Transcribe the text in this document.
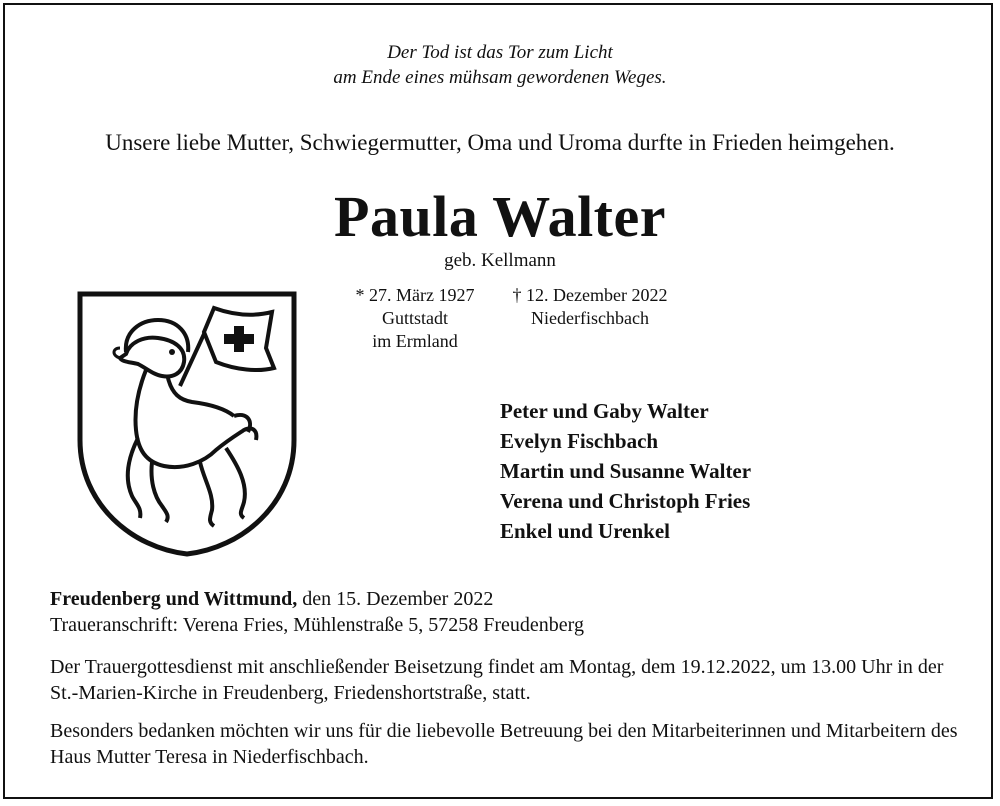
Der Tod ist das Tor zum Licht
am Ende eines mühsam gewordenen Weges.
Unsere liebe Mutter, Schwiegermutter, Oma und Uroma durfte in Frieden heimgehen.
Paula Walter
geb. Kellmann
* 27. März 1927
Guttstadt
im Ermland
† 12. Dezember 2022
Niederfischbach
Peter und Gaby Walter
Evelyn Fischbach
Martin und Susanne Walter
Verena und Christoph Fries
Enkel und Urenkel
Freudenberg und Wittmund, den 15. Dezember 2022
Traueranschrift: Verena Fries, Mühlenstraße 5, 57258 Freudenberg
Der Trauergottesdienst mit anschließender Beisetzung findet am Montag, dem 19.12.2022, um 13.00 Uhr in der St.-Marien-Kirche in Freudenberg, Friedenshortstraße, statt.
Besonders bedanken möchten wir uns für die liebevolle Betreuung bei den Mitarbeiterinnen und Mitarbeitern des Haus Mutter Teresa in Niederfischbach.
